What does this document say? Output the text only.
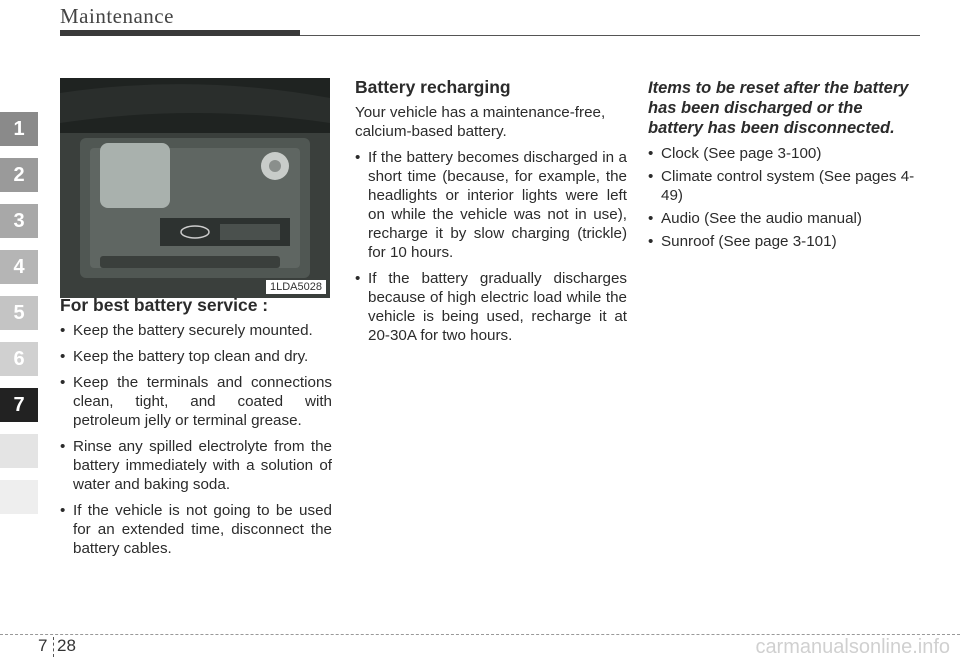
Maintenance
1
2
3
4
5
6
7
1LDA5028
For best battery service :
• Keep the battery securely mounted.
• Keep the battery top clean and dry.
• Keep the terminals and connections clean, tight, and coated with petroleum jelly or terminal grease.
• Rinse any spilled electrolyte from the battery immediately with a solution of water and baking soda.
• If the vehicle is not going to be used for an extended time, disconnect the battery cables.
Battery recharging

Your vehicle has a maintenance-free, calcium-based battery.

• If the battery becomes discharged in a short time (because, for example, the headlights or interior lights were left on while the vehicle was not in use), recharge it by slow charging (trickle) for 10 hours.
• If the battery gradually discharges because of high electric load while the vehicle is being used, recharge it at 20-30A for two hours.
Items to be reset after the battery has been discharged or the battery has been disconnected.
• Clock (See page 3-100)
• Climate control system (See pages 4-49)
• Audio (See the audio manual)
• Sunroof (See page 3-101)
7 28	carmanualsonline.info
